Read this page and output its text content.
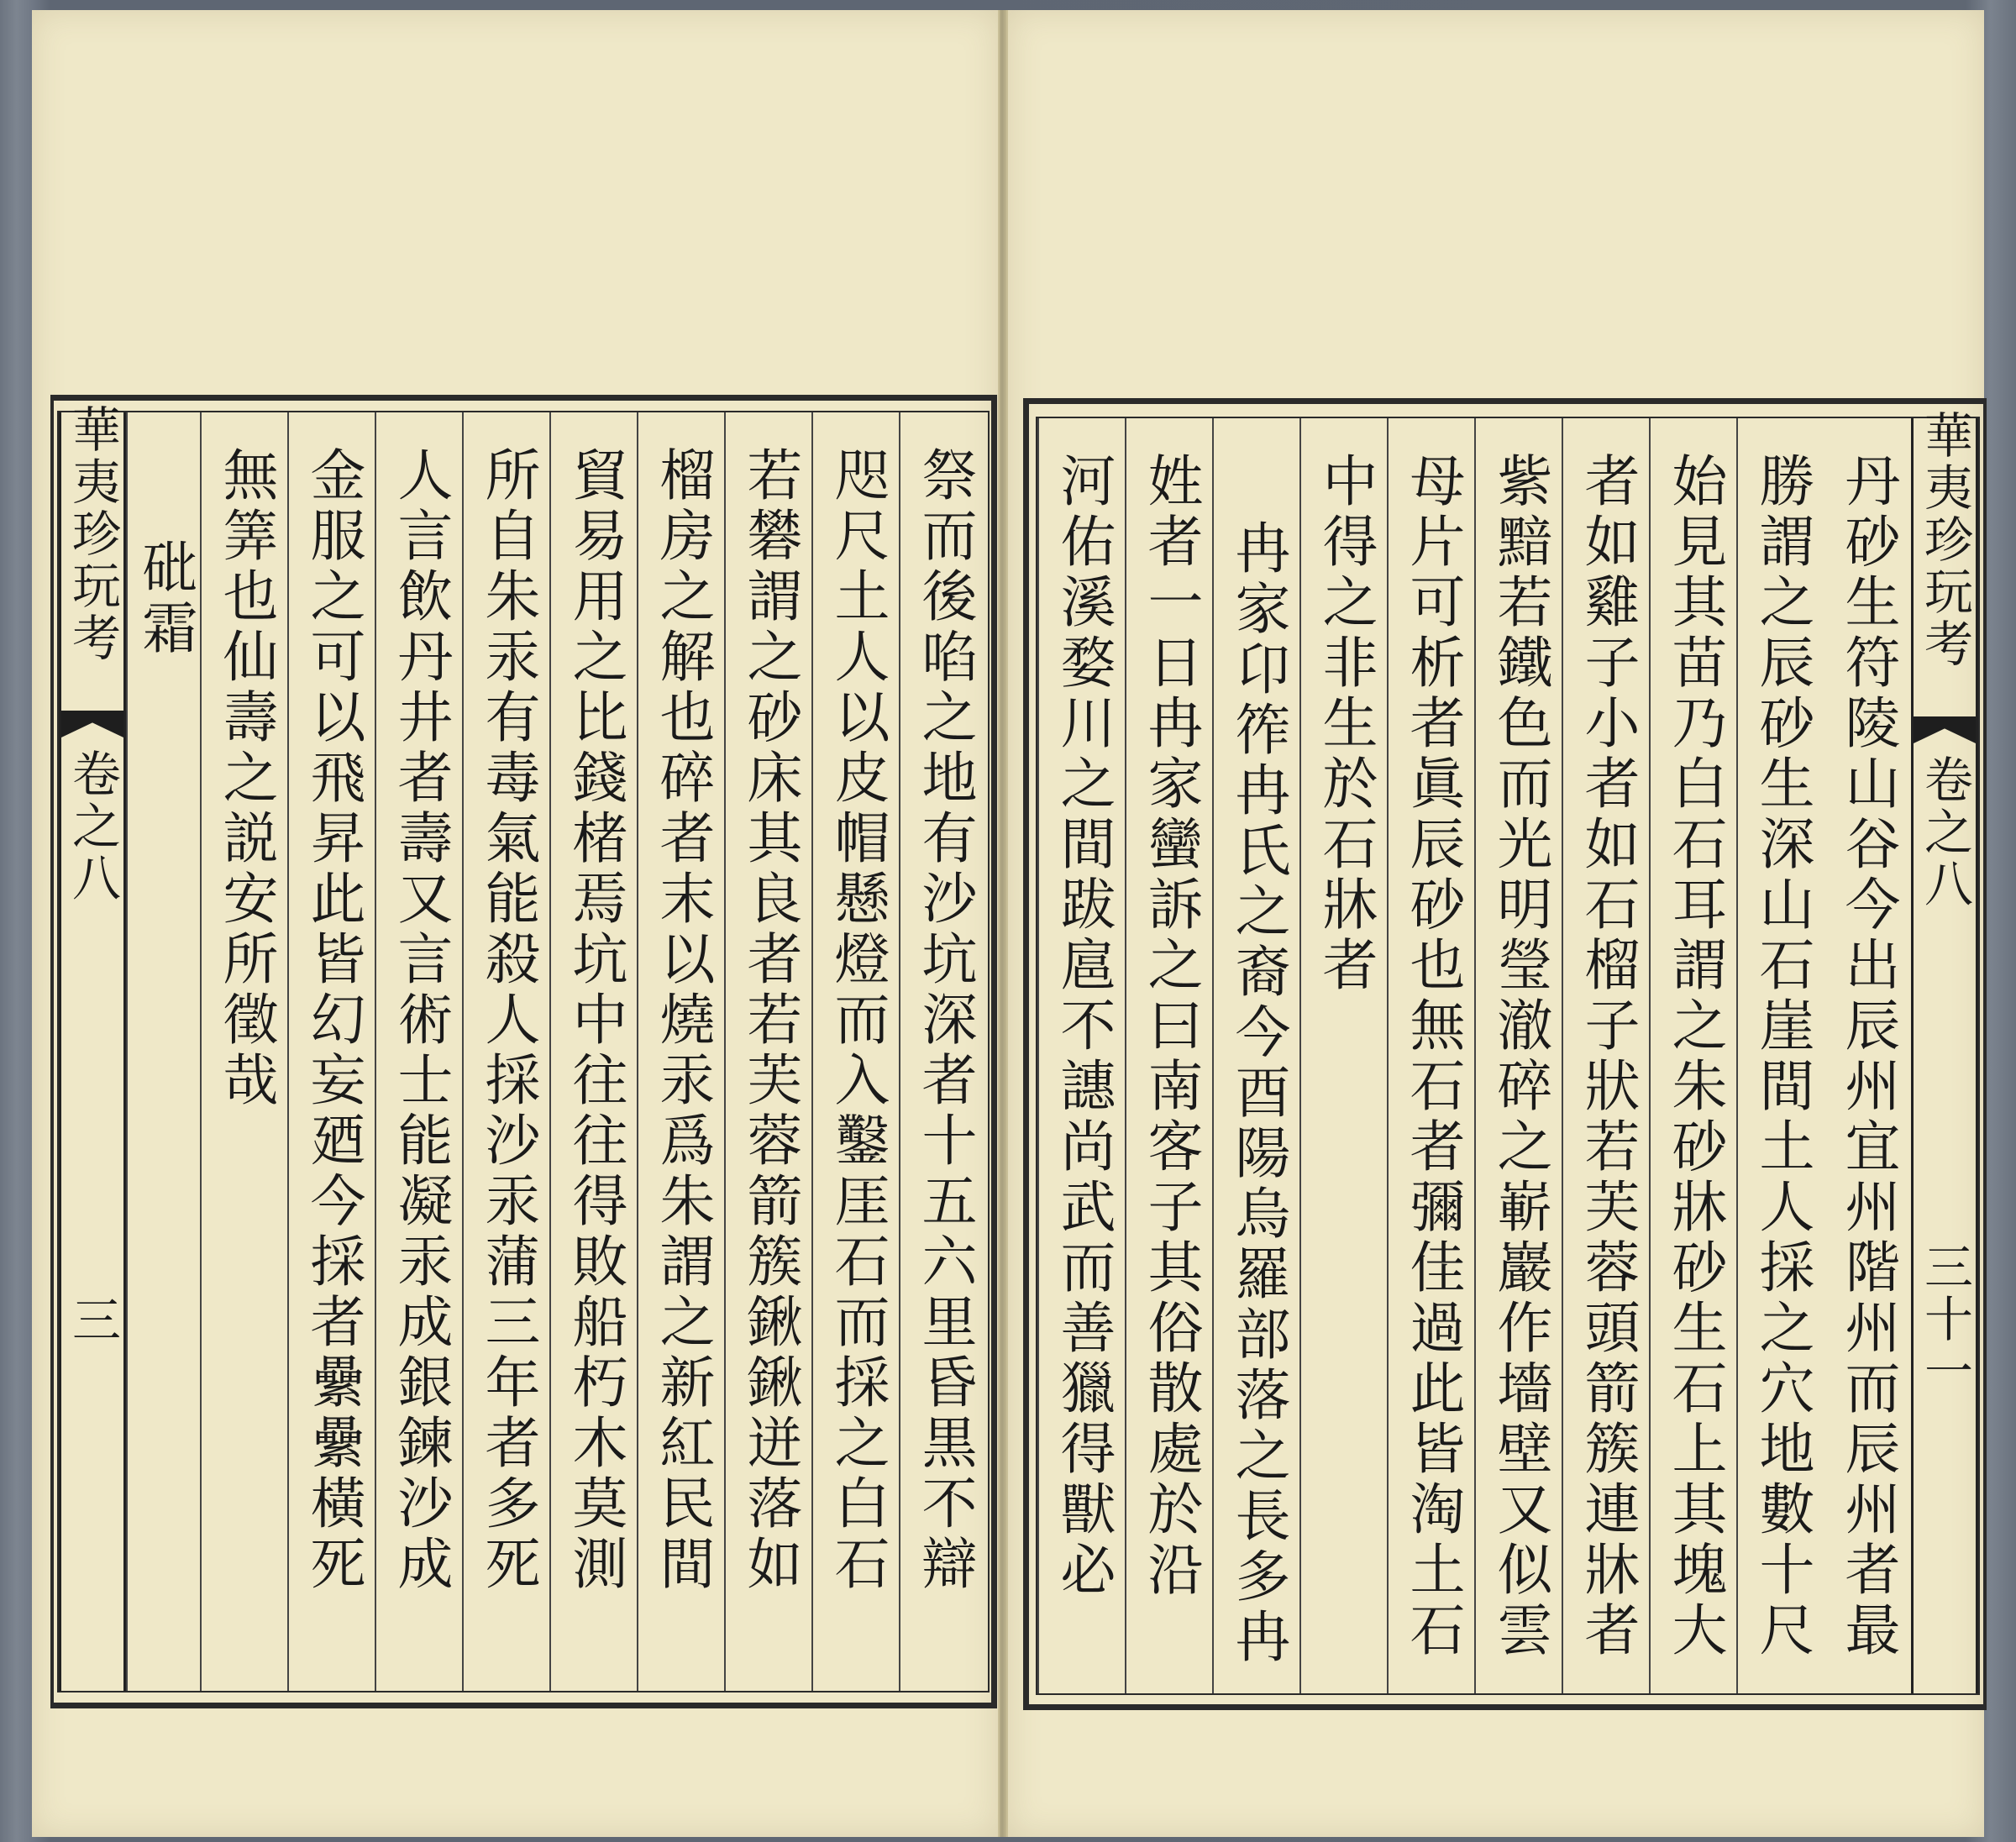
祭而後啗之地有沙坑深者十五六里昏黒不辯
咫尺土人以皮帽懸燈而入鑿厓石而採之白石
若礬謂之砂床其良者若芙蓉箭簇鍬鍬迸落如
榴房之解也碎者末以燒汞爲朱謂之新紅民間
貿易用之比錢楮焉坑中往往得敗船朽木莫測
所自朱汞有毒氣能殺人採沙汞蒲三年者多死
人言飲丹井者壽又言術士能凝汞成銀鍊沙成
金服之可以飛昇此皆幻妄廼今採者纍纍橫死
無筭也仙壽之説安所徵哉
砒霜
華夷珍玩考
卷之八
三
華夷珍玩考
卷之八
三十一
丹砂生符陵山谷今出辰州宜州階州而辰州者最
勝謂之辰砂生深山石崖間土人採之穴地數十尺
始見其苗乃白石耳謂之朱砂牀砂生石上其塊大
者如雞子小者如石榴子狀若芙蓉頭箭簇連牀者
紫黯若鐵色而光明瑩澈碎之嶄巖作墻壁又似雲
母片可析者眞辰砂也無石者彌佳過此皆淘土石
中得之非生於石牀者
冉家卬筰冉氏之裔今酉陽烏羅部落之長多冉
姓者一日冉家蠻訴之曰南客子其俗散處於沿
河佑溪婺川之間跋扈不譓尚武而善獵得獸必
